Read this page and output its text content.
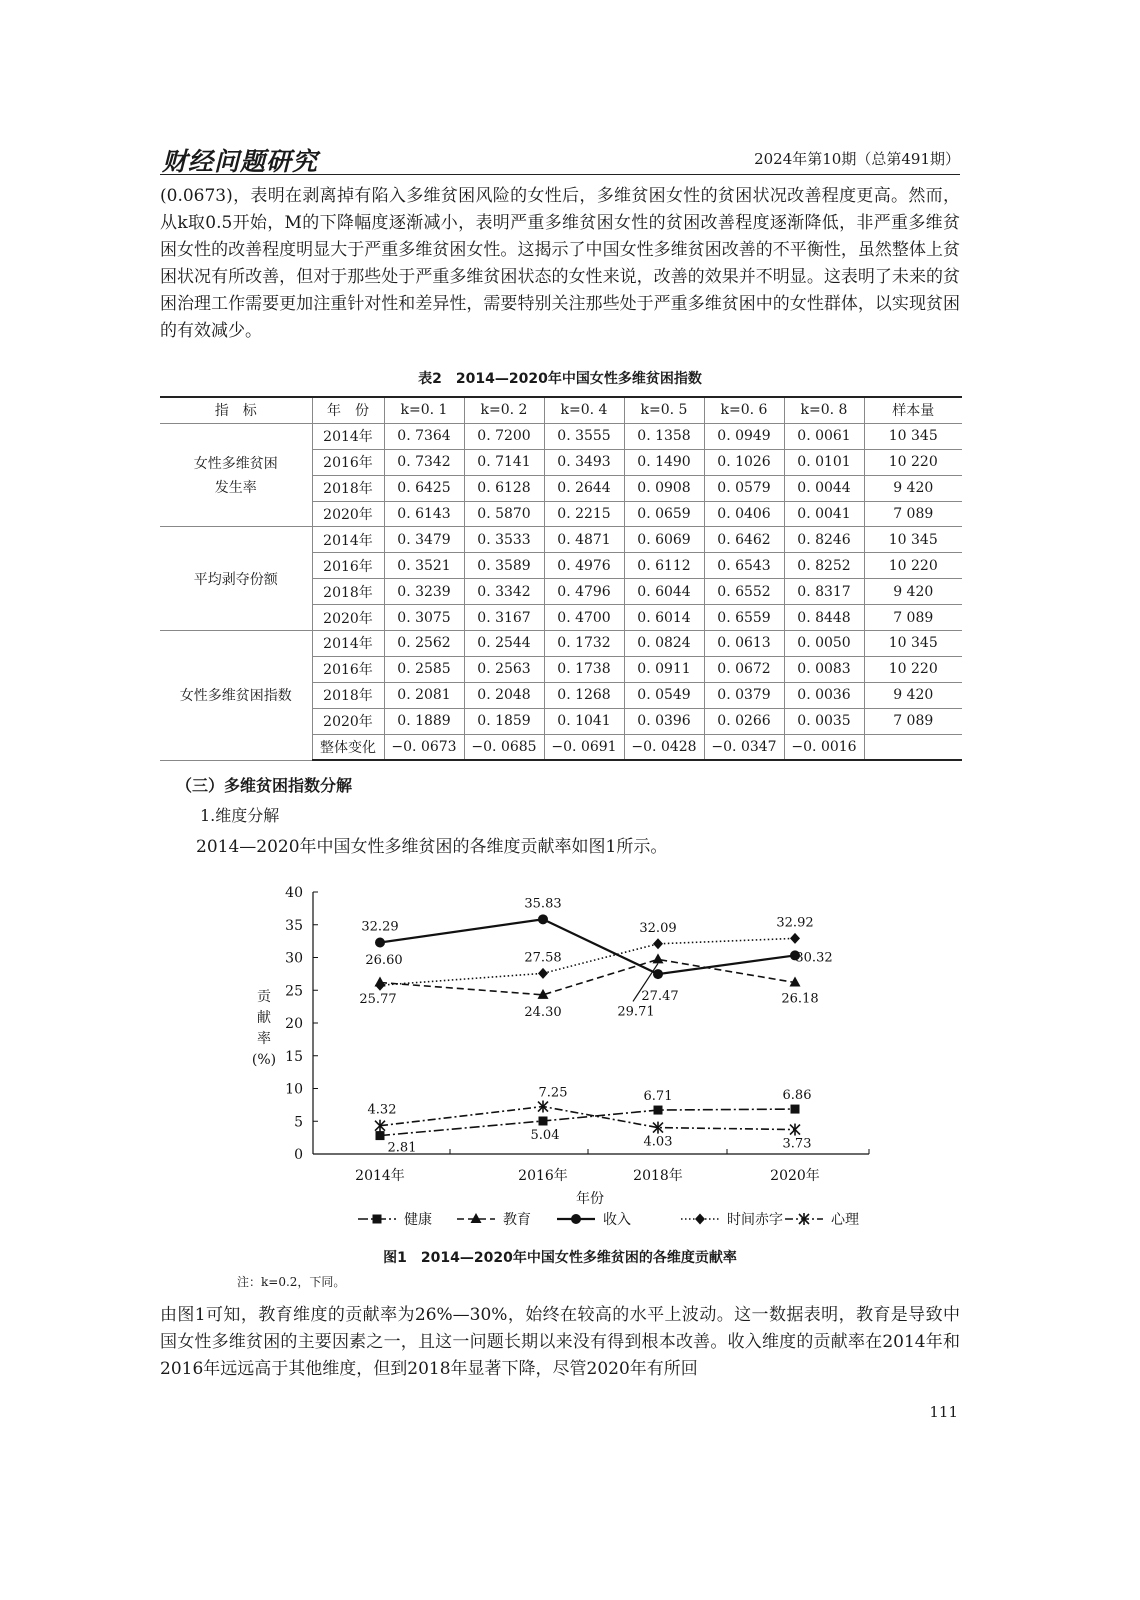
财经问题研究	2024年第10期（总第491期）
(0.0673)，表明在剥离掉有陷入多维贫困风险的女性后，多维贫困女性的贫困状况改善程度更高。然而，从k取0.5开始，M的下降幅度逐渐减小，表明严重多维贫困女性的贫困改善程度逐渐降低，非严重多维贫困女性的改善程度明显大于严重多维贫困女性。这揭示了中国女性多维贫困改善的不平衡性，虽然整体上贫困状况有所改善，但对于那些处于严重多维贫困状态的女性来说，改善的效果并不明显。这表明了未来的贫困治理工作需要更加注重针对性和差异性，需要特别关注那些处于严重多维贫困中的女性群体，以实现贫困的有效减少。
表2　2014—2020年中国女性多维贫困指数
指　标	年　份	k=0. 1	k=0. 2	k=0. 4	k=0. 5	k=0. 6	k=0. 8	样本量

女性多维贫困
发生率	2014年	0. 7364	0. 7200	0. 3555	0. 1358	0. 0949	0. 0061	10 345
	2016年	0. 7342	0. 7141	0. 3493	0. 1490	0. 1026	0. 0101	10 220
	2018年	0. 6425	0. 6128	0. 2644	0. 0908	0. 0579	0. 0044	9 420
	2020年	0. 6143	0. 5870	0. 2215	0. 0659	0. 0406	0. 0041	7 089

平均剥夺份额	2014年	0. 3479	0. 3533	0. 4871	0. 6069	0. 6462	0. 8246	10 345
	2016年	0. 3521	0. 3589	0. 4976	0. 6112	0. 6543	0. 8252	10 220
	2018年	0. 3239	0. 3342	0. 4796	0. 6044	0. 6552	0. 8317	9 420
	2020年	0. 3075	0. 3167	0. 4700	0. 6014	0. 6559	0. 8448	7 089

女性多维贫困指数	2014年	0. 2562	0. 2544	0. 1732	0. 0824	0. 0613	0. 0050	10 345
	2016年	0. 2585	0. 2563	0. 1738	0. 0911	0. 0672	0. 0083	10 220
	2018年	0. 2081	0. 2048	0. 1268	0. 0549	0. 0379	0. 0036	9 420
	2020年	0. 1889	0. 1859	0. 1041	0. 0396	0. 0266	0. 0035	7 089
	整体变化	−0. 0673	−0. 0685	−0. 0691	−0. 0428	−0. 0347	−0. 0016	
（三）多维贫困指数分解
1.维度分解
2014—2020年中国女性多维贫困的各维度贡献率如图1所示。
0
5
10
15
20
25
30
35
40
2014年	2016年	2018年	2020年
年份
贡
献
率
(%)
32.29
35.83
32.09	32.92
26.60	27.58	30.32
25.77
24.30
27.47
29.71
26.18
4.32
7.25	6.71	6.86
2.81
5.04	4.03	3.73
健康	教育	收入	时间赤字	心理
图1　2014—2020年中国女性多维贫困的各维度贡献率
注：k=0.2，下同。
由图1可知，教育维度的贡献率为26%—30%，始终在较高的水平上波动。这一数据表明，教育是导致中国女性多维贫困的主要因素之一，且这一问题长期以来没有得到根本改善。收入维度的贡献率在2014年和2016年远远高于其他维度，但到2018年显著下降，尽管2020年有所回
111
